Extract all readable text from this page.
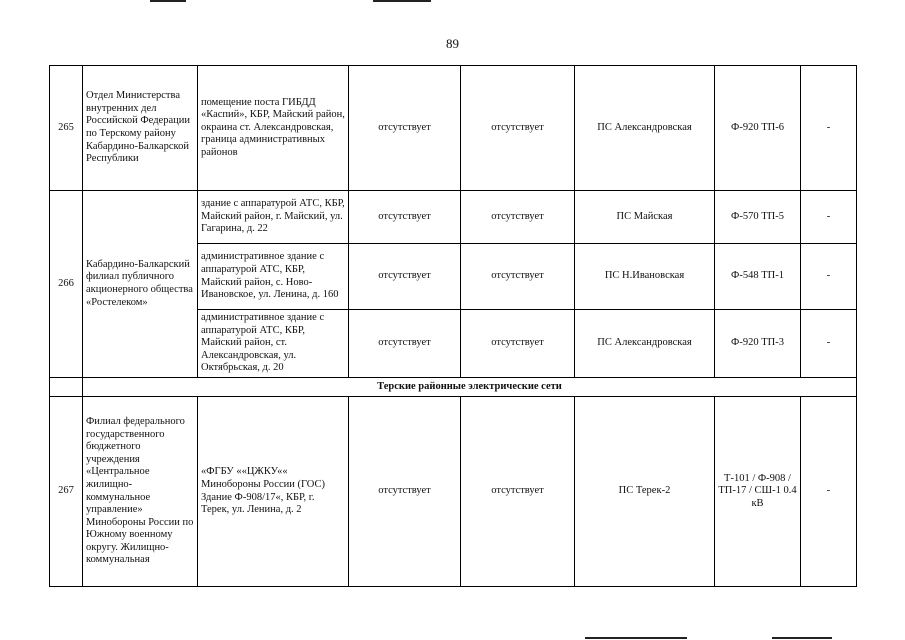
89
265	Отдел Министерства внутренних дел Российской Федерации по Терскому району Кабардино-Балкарской Республики	помещение поста ГИБДД «Каспий», КБР, Майский район, окраина ст. Александровская, граница административных районов	отсутствует	отсутствует	ПС Александровская	Ф-920 ТП-6	-
266	Кабардино-Балкарский филиал публичного акционерного общества «Ростелеком»	здание с аппаратурой АТС, КБР, Майский район, г. Майский, ул. Гагарина, д. 22	отсутствует	отсутствует	ПС Майская	Ф-570 ТП-5	-
		административное здание с аппаратурой АТС, КБР, Майский район, с. Ново-Ивановское, ул. Ленина, д. 160	отсутствует	отсутствует	ПС Н.Ивановская	Ф-548 ТП-1	-
		административное здание с аппаратурой АТС, КБР, Майский район, ст. Александровская, ул. Октябрьская, д. 20	отсутствует	отсутствует	ПС Александровская	Ф-920 ТП-3	-
	Терские районные электрические сети						
267	Филиал федерального государственного бюджетного учреждения «Центральное жилищно-коммунальное управление» Минобороны России по Южному военному округу. Жилищно-коммунальная	«ФГБУ ««ЦЖКУ«« Минобороны России (ГОС) Здание Ф-908/17«, КБР, г. Терек, ул. Ленина, д. 2	отсутствует	отсутствует	ПС Терек-2	Т-101 / Ф-908 / ТП-17 / СШ-1 0.4 кВ	-
